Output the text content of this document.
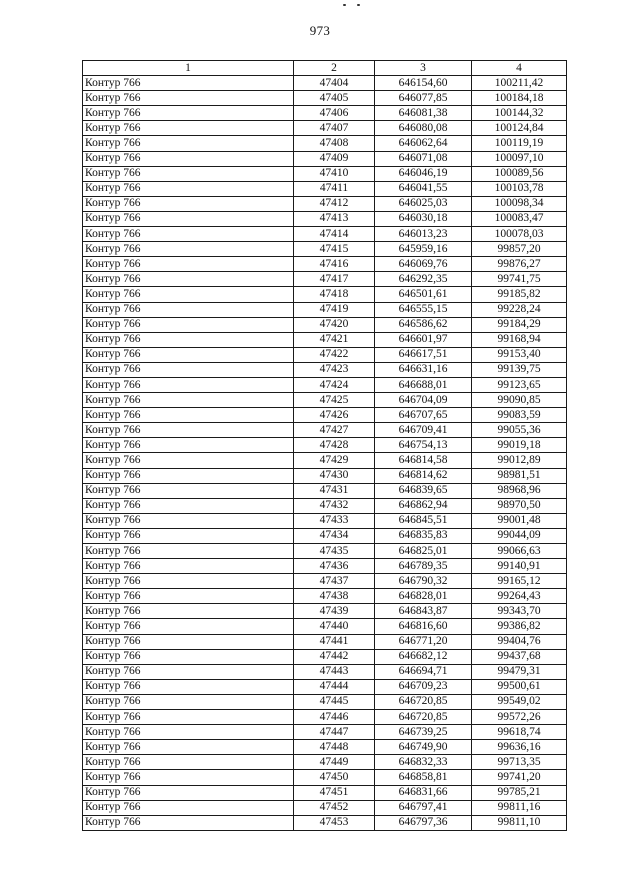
973
1	2	3	4
Контур 766	47404	646154,60	100211,42
Контур 766	47405	646077,85	100184,18
Контур 766	47406	646081,38	100144,32
Контур 766	47407	646080,08	100124,84
Контур 766	47408	646062,64	100119,19
Контур 766	47409	646071,08	100097,10
Контур 766	47410	646046,19	100089,56
Контур 766	47411	646041,55	100103,78
Контур 766	47412	646025,03	100098,34
Контур 766	47413	646030,18	100083,47
Контур 766	47414	646013,23	100078,03
Контур 766	47415	645959,16	99857,20
Контур 766	47416	646069,76	99876,27
Контур 766	47417	646292,35	99741,75
Контур 766	47418	646501,61	99185,82
Контур 766	47419	646555,15	99228,24
Контур 766	47420	646586,62	99184,29
Контур 766	47421	646601,97	99168,94
Контур 766	47422	646617,51	99153,40
Контур 766	47423	646631,16	99139,75
Контур 766	47424	646688,01	99123,65
Контур 766	47425	646704,09	99090,85
Контур 766	47426	646707,65	99083,59
Контур 766	47427	646709,41	99055,36
Контур 766	47428	646754,13	99019,18
Контур 766	47429	646814,58	99012,89
Контур 766	47430	646814,62	98981,51
Контур 766	47431	646839,65	98968,96
Контур 766	47432	646862,94	98970,50
Контур 766	47433	646845,51	99001,48
Контур 766	47434	646835,83	99044,09
Контур 766	47435	646825,01	99066,63
Контур 766	47436	646789,35	99140,91
Контур 766	47437	646790,32	99165,12
Контур 766	47438	646828,01	99264,43
Контур 766	47439	646843,87	99343,70
Контур 766	47440	646816,60	99386,82
Контур 766	47441	646771,20	99404,76
Контур 766	47442	646682,12	99437,68
Контур 766	47443	646694,71	99479,31
Контур 766	47444	646709,23	99500,61
Контур 766	47445	646720,85	99549,02
Контур 766	47446	646720,85	99572,26
Контур 766	47447	646739,25	99618,74
Контур 766	47448	646749,90	99636,16
Контур 766	47449	646832,33	99713,35
Контур 766	47450	646858,81	99741,20
Контур 766	47451	646831,66	99785,21
Контур 766	47452	646797,41	99811,16
Контур 766	47453	646797,36	99811,10
